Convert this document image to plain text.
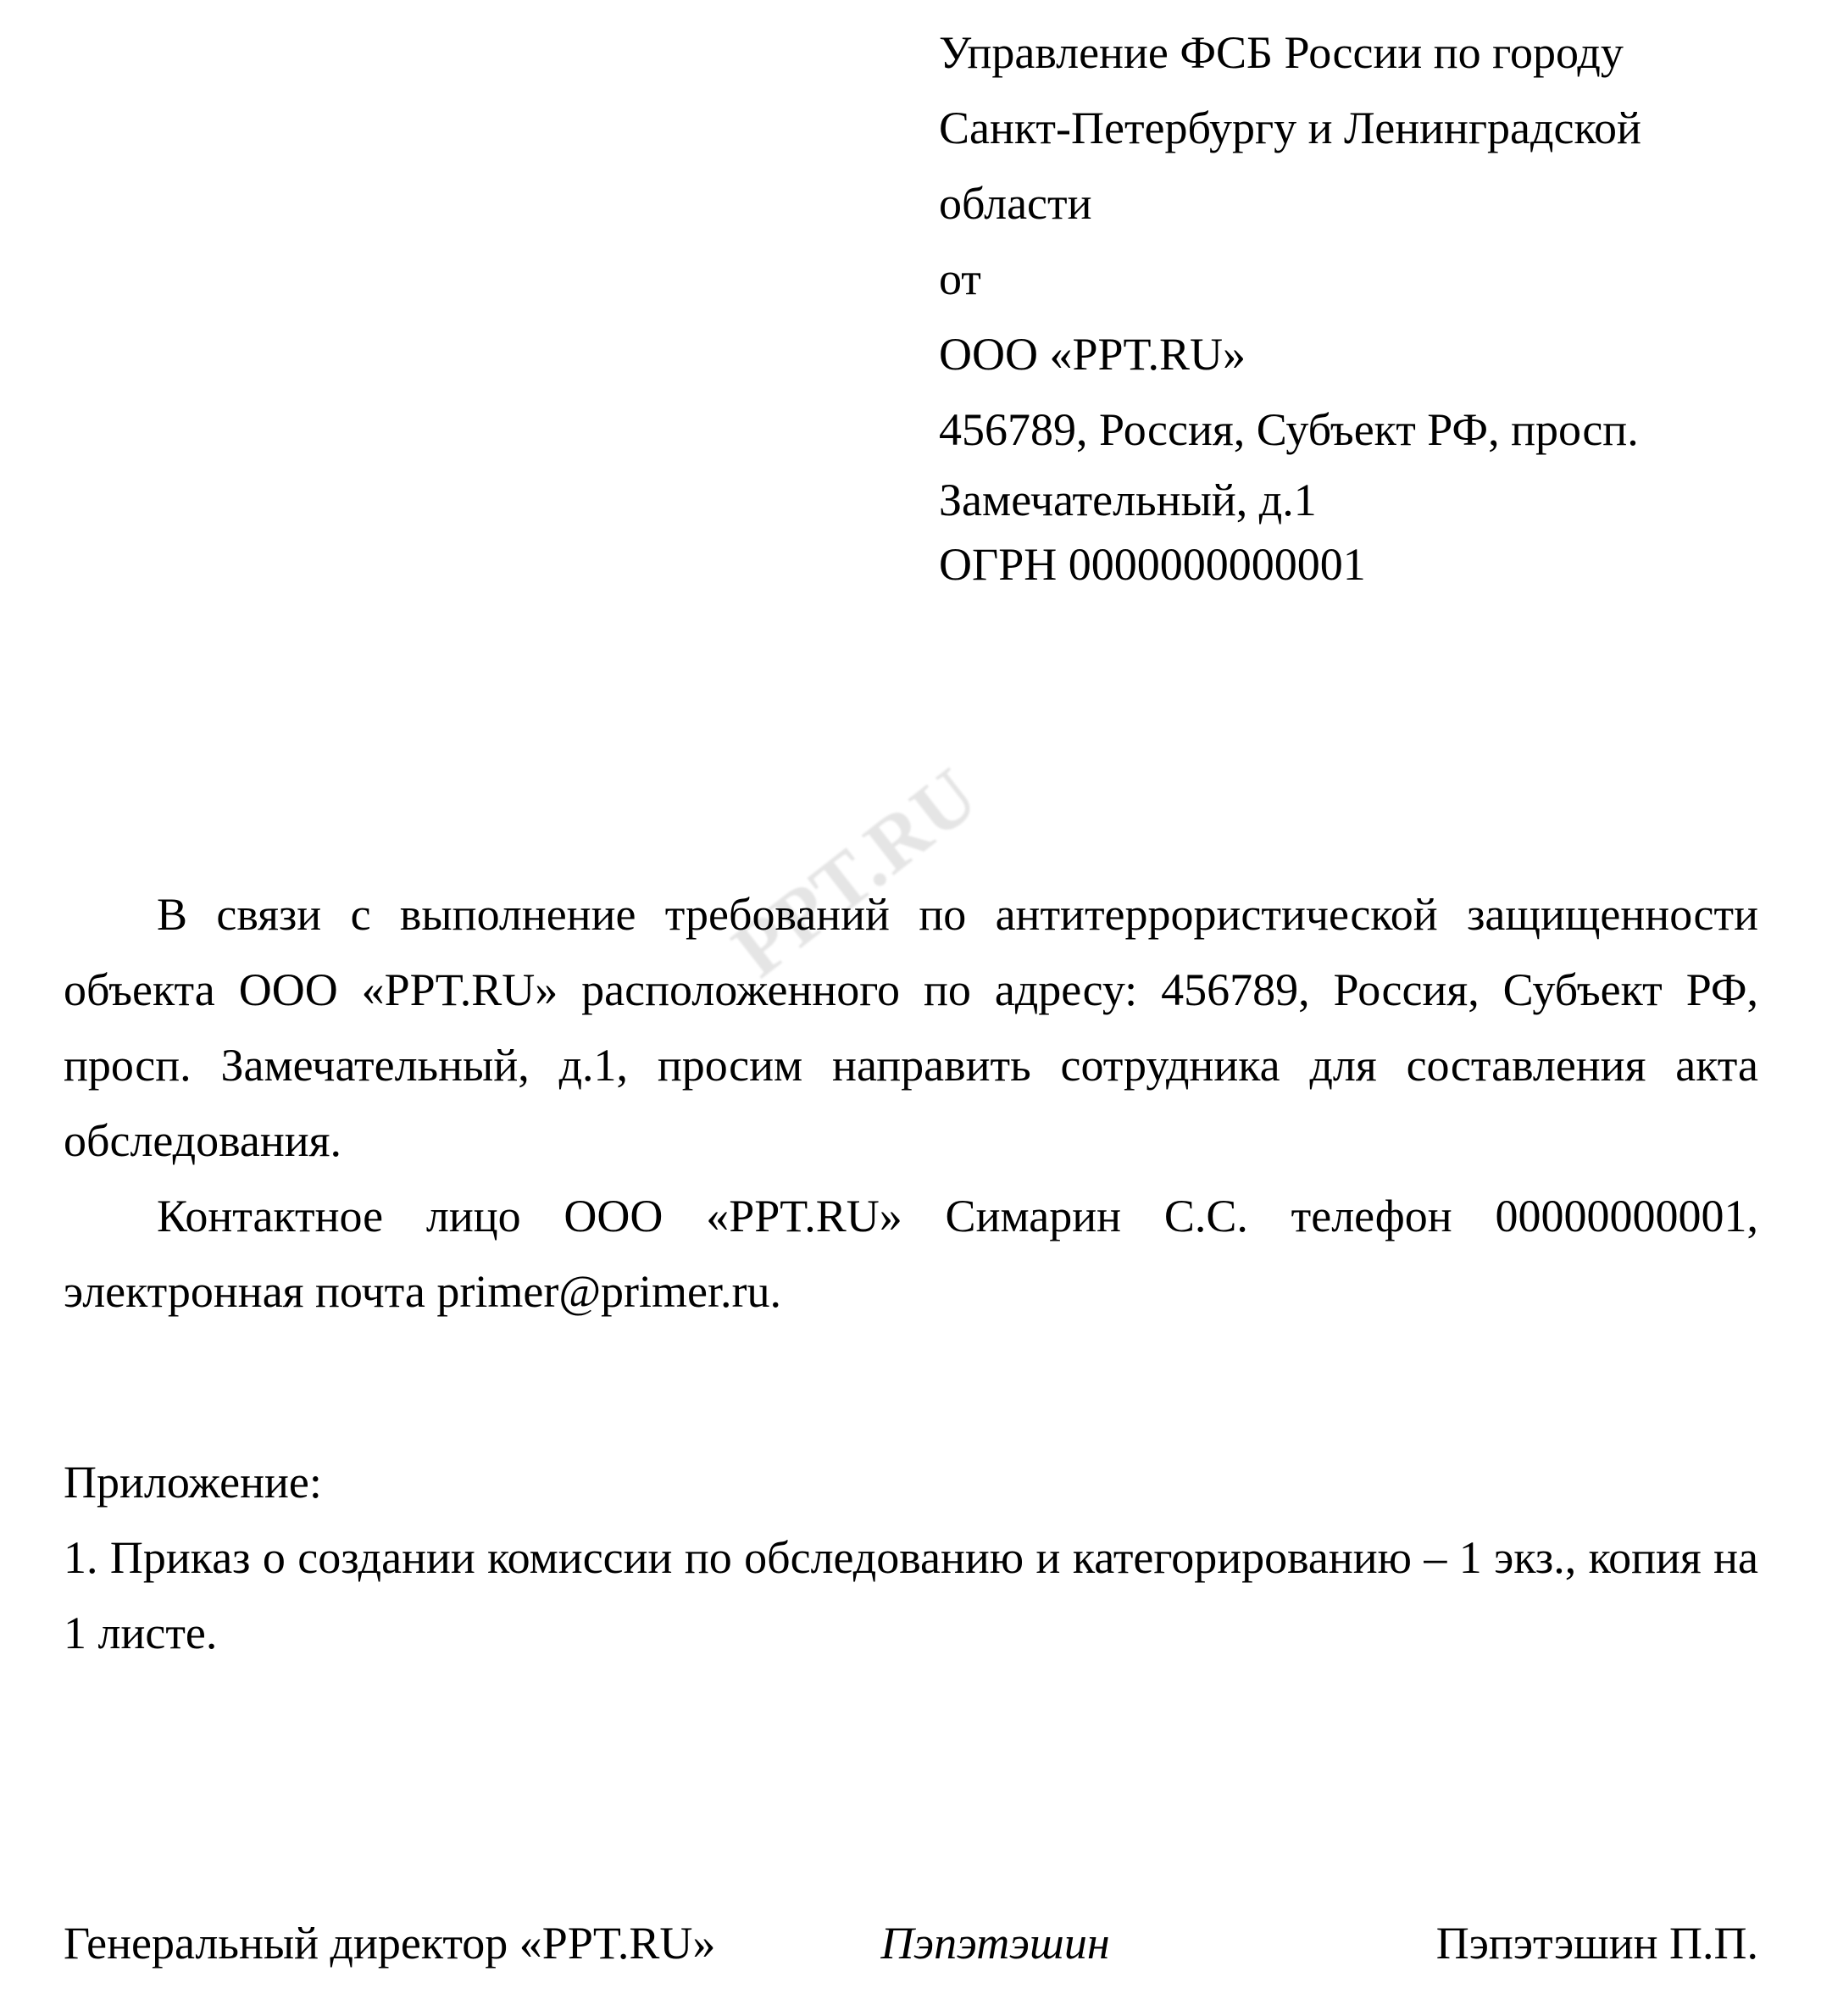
PPT.RU
Управление ФСБ России по городу
Санкт-Петербургу и Ленинградской
области
от
ООО «PPT.RU»
456789, Россия, Субъект РФ, просп.
Замечательный, д.1
ОГРН 0000000000001

В связи с выполнение требований по антитеррористической защищенности объекта ООО «PPT.RU» расположенного по адресу: 456789, Россия, Субъект РФ, просп. Замечательный, д.1, просим направить сотрудника для составления акта обследования.

Контактное лицо ООО «PPT.RU» Симарин С.С. телефон 00000000001, электронная почта primer@primer.ru.

Приложение:

1. Приказ о создании комиссии по обследованию и категорированию – 1 экз., копия на 1 листе.

Генеральный директор «PPT.RU»	Пэпэтэшин	Пэпэтэшин П.П.
